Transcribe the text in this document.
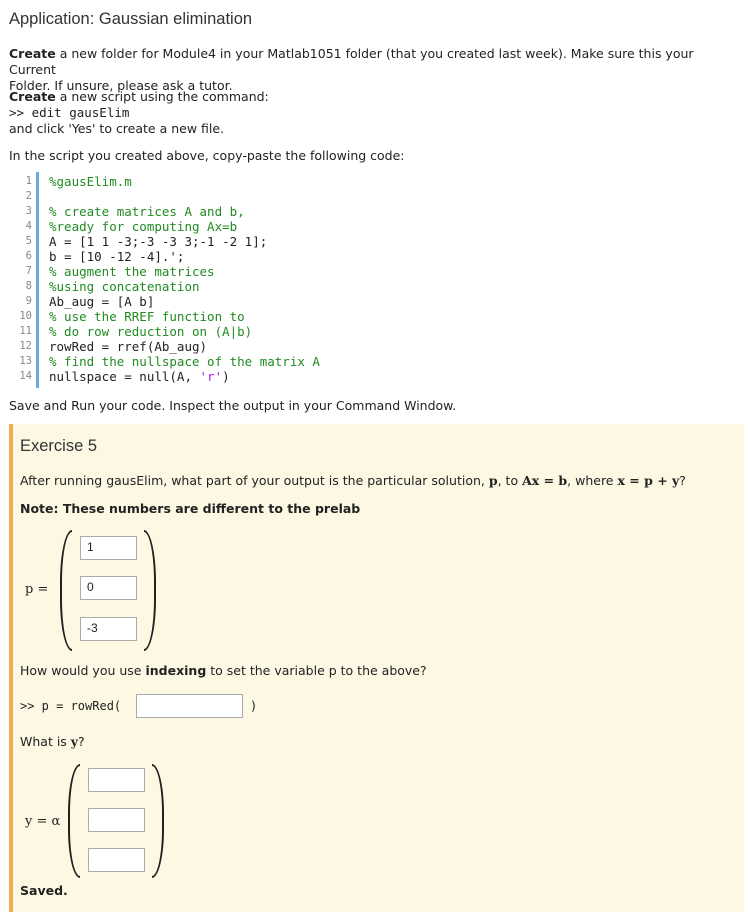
Application: Gaussian elimination
Create a new folder for Module4 in your Matlab1051 folder (that you created last week). Make sure this your Current
Folder. If unsure, please ask a tutor.
Create a new script using the command:
>> edit gausElim
and click 'Yes' to create a new file.
In the script you created above, copy-paste the following code:
1
2
3
4
5
6
7
8
9
10
11
12
13
14
%gausElim.m
% create matrices A and b,
%ready for computing Ax=b
A = [1 1 -3;-3 -3 3;-1 -2 1];
b = [10 -12 -4].';
% augment the matrices
%using concatenation
Ab_aug = [A b]
% use the RREF function to
% do row reduction on (A|b)
rowRed = rref(Ab_aug)
% find the nullspace of the matrix A
nullspace = null(A, 'r')
Save and Run your code. Inspect the output in your Command Window.
Exercise 5
After running gausElim, what part of your output is the particular solution, p, to Ax = b, where x = p + y?
Note: These numbers are different to the prelab
p =
1
0
-3
How would you use indexing to set the variable p to the above?
>> p = rowRed(	)
What is y?
y = α
Saved.
